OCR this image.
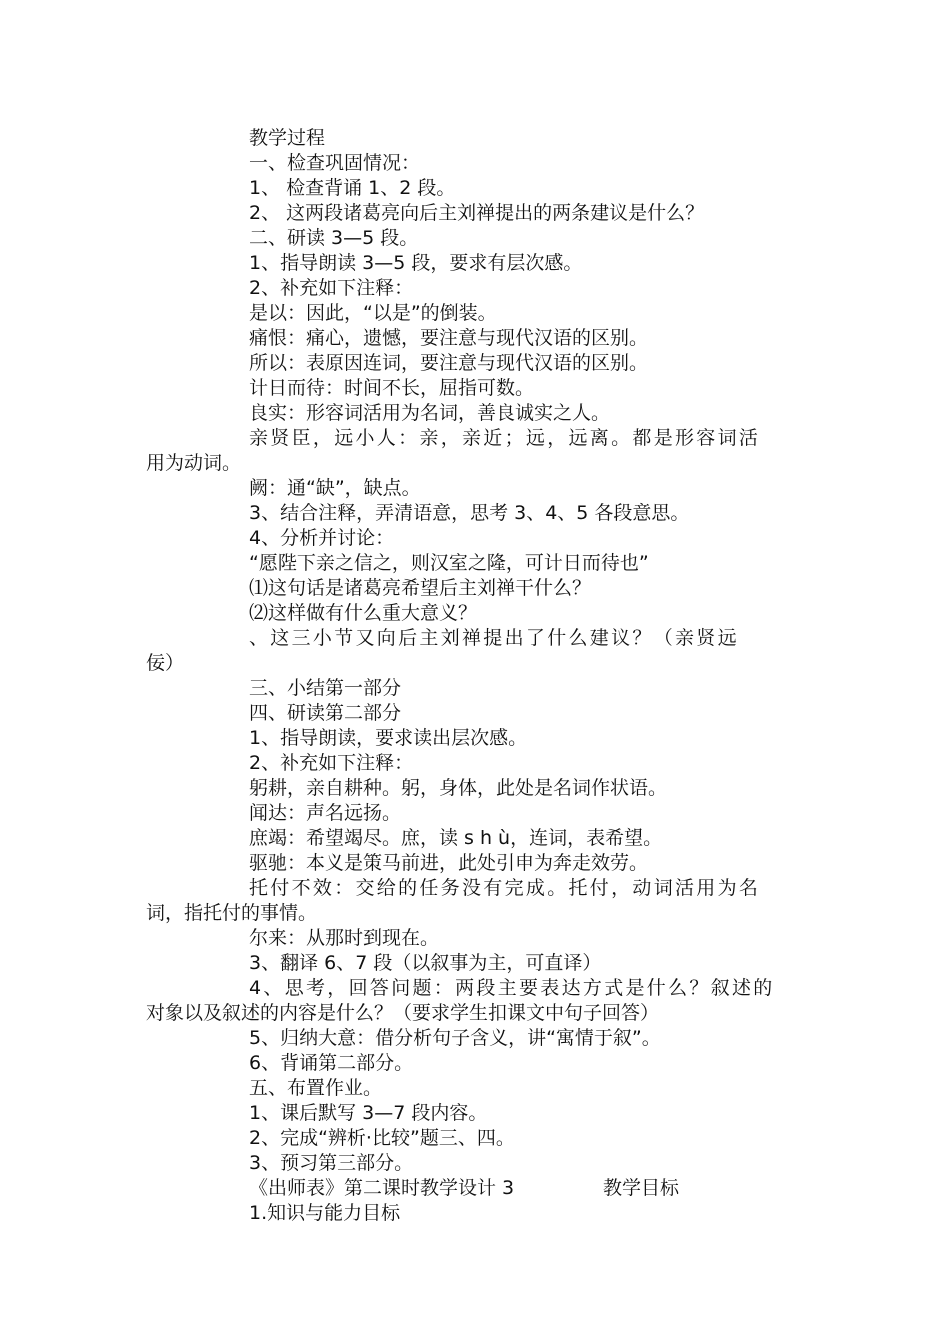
教学过程
一、检查巩固情况：
1、 检查背诵 1、2 段。
2、 这两段诸葛亮向后主刘禅提出的两条建议是什么？
二、研读 3—5 段。
1、指导朗读 3—5 段，要求有层次感。
2、补充如下注释：
是以：因此，“以是”的倒装。
痛恨：痛心，遗憾，要注意与现代汉语的区别。
所以：表原因连词，要注意与现代汉语的区别。
计日而待：时间不长，屈指可数。
良实：形容词活用为名词，善良诚实之人。
亲贤臣，远小人：亲，亲近；远，远离。都是形容词活
用为动词。
阙：通“缺”，缺点。
3、结合注释，弄清语意，思考 3、4、5 各段意思。
4、分析并讨论：
“愿陛下亲之信之，则汉室之隆，可计日而待也”
⑴这句话是诸葛亮希望后主刘禅干什么？
⑵这样做有什么重大意义？
、这三小节又向后主刘禅提出了什么建议？（亲贤远
佞）
三、小结第一部分
四、研读第二部分
1、指导朗读，要求读出层次感。
2、补充如下注释：
躬耕，亲自耕种。躬，身体，此处是名词作状语。
闻达：声名远扬。
庶竭：希望竭尽。庶，读 s h ù，连词，表希望。
驱驰：本义是策马前进，此处引申为奔走效劳。
托付不效：交给的任务没有完成。托付，动词活用为名
词，指托付的事情。
尔来：从那时到现在。
3、翻译 6、7 段（以叙事为主，可直译）
4、思考，回答问题：两段主要表达方式是什么？叙述的
对象以及叙述的内容是什么？（要求学生扣课文中句子回答）
5、归纳大意：借分析句子含义，讲“寓情于叙”。
6、背诵第二部分。
五、布置作业。
1、课后默写 3—7 段内容。
2、完成“辨析·比较”题三、四。
3、预习第三部分。
《出师表》第二课时教学设计 3	教学目标
1.知识与能力目标
